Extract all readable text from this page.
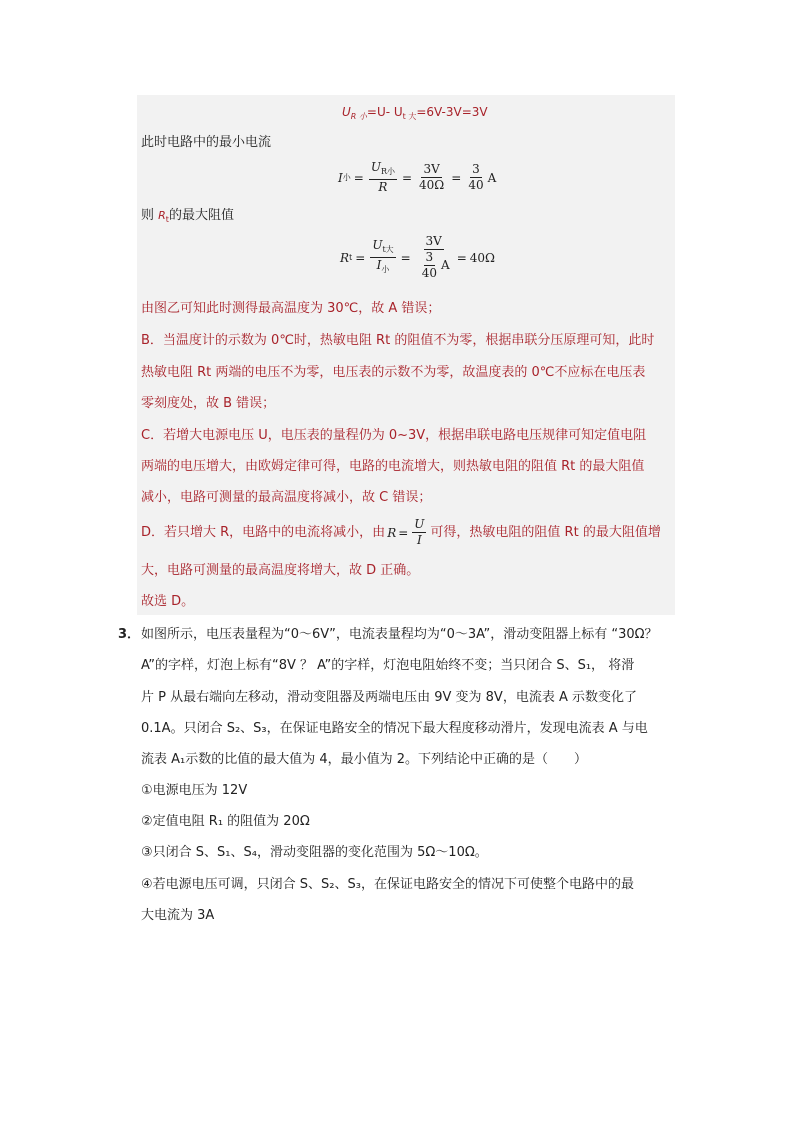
$U_{R 小}=U-$ $U_{t 大}=6V-3V=3V$
此时电路中的最小电流
I 小 = $\frac{U_{R小}}{R} = \frac{3V}{40\Omega} = \frac{3}{40}$ A
则 $R_t$的最大阻值
R $t = \frac{U_{t大}}{I_小} = \frac{3V}{\frac{3}{40} A} = 40\Omega$
由图乙可知此时测得最高温度为 30℃，故 A 错误；
B．当温度计的示数为 0℃时，热敏电阻 Rt 的阻值不为零，根据串联分压原理可知，此时
热敏电阻 Rt 两端的电压不为零，电压表的示数不为零，故温度表的 0℃不应标在电压表
零刻度处，故 B 错误；
C．若增大电源电压 U，电压表的量程仍为 0~3V，根据串联电路电压规律可知定值电阻
两端的电压增大，由欧姆定律可得，电路的电流增大，则热敏电阻的阻值 Rt 的最大阻值
减小，电路可测量的最高温度将减小，故 C 错误；
D．若只增大 R，电路中的电流将减小，由 $R = \frac{U}{I}$ 可得，热敏电阻的阻值 Rt 的最大阻值增
大，电路可测量的最高温度将增大，故 D 正确。
故选 D。
3． 如图所示，电压表量程为“0～6V”，电流表量程均为“0～3A”，滑动变阻器上标有 “30Ω？
A”的字样，灯泡上标有“8V ？ A”的字样，灯泡电阻始终不变；当只闭合 S、S₁， 将滑
片 P 从最右端向左移动，滑动变阻器及两端电压由 9V 变为 8V，电流表 A 示数变化了
0.1A。只闭合 S₂、S₃，在保证电路安全的情况下最大程度移动滑片，发现电流表 A 与电
流表 A₁示数的比值的最大值为 4，最小值为 2。下列结论中正确的是（　　）
①电源电压为 12V
②定值电阻 R₁ 的阻值为 20Ω
③只闭合 S、S₁、S₄，滑动变阻器的变化范围为 5Ω～10Ω。
④若电源电压可调，只闭合 S、S₂、S₃，在保证电路安全的情况下可使整个电路中的最
大电流为 3A
